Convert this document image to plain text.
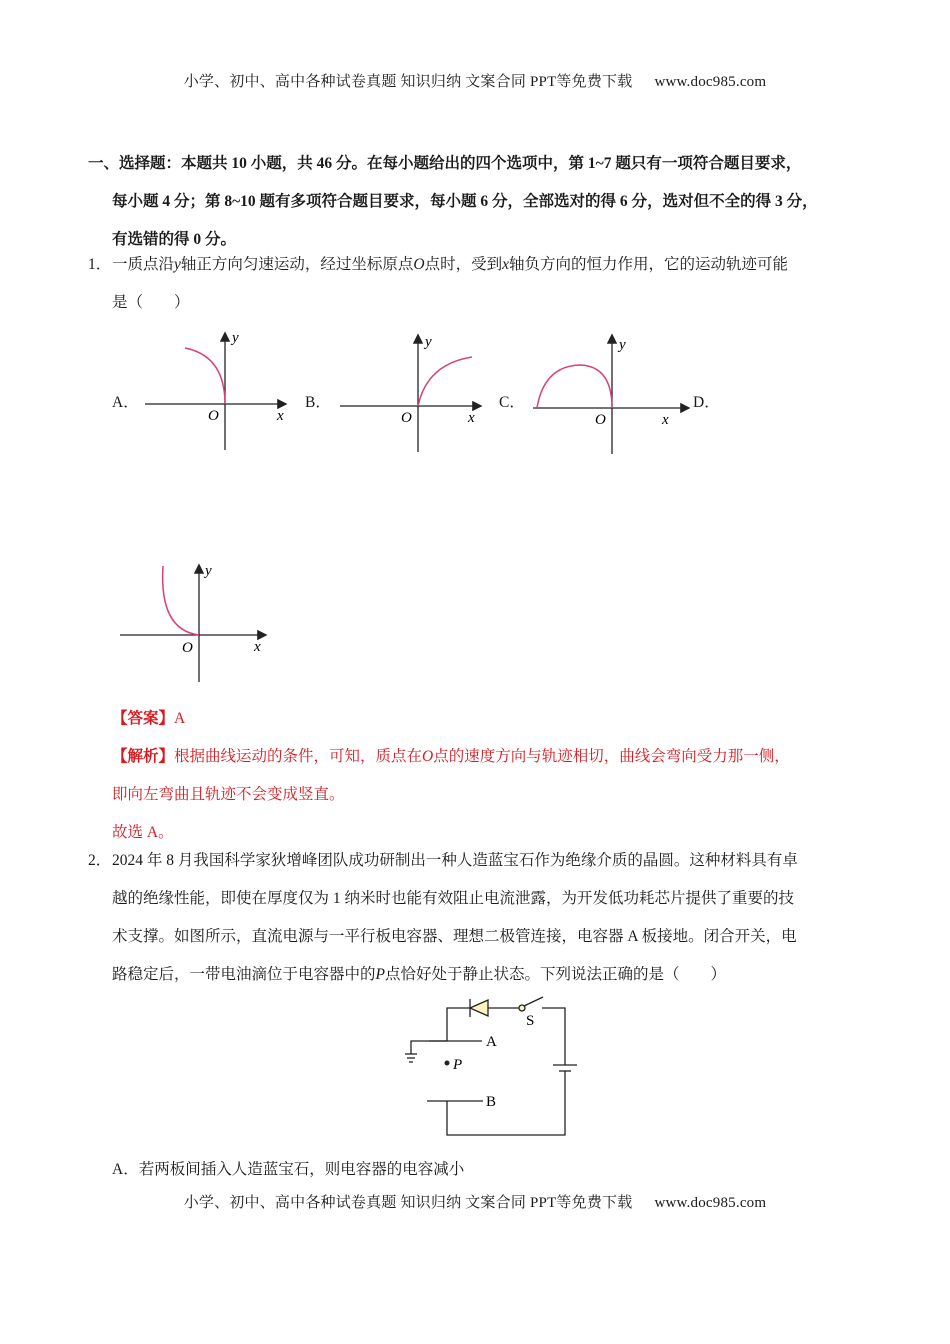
小学、初中、高中各种试卷真题 知识归纳 文案合同 PPT等免费下载 www.doc985.com
一、选择题：本题共 10 小题，共 46 分。在每小题给出的四个选项中，第 1~7 题只有一项符合题目要求，
每小题 4 分；第 8~10 题有多项符合题目要求，每小题 6 分，全部选对的得 6 分，选对但不全的得 3 分，
有选错的得 0 分。
1．一质点沿y轴正方向匀速运动，经过坐标原点O点时，受到x轴负方向的恒力作用，它的运动轨迹可能
是（　　）
A．	B．	C．	D．
y
x
O
y
x
O
y
x
O
y
x
O
【答案】A
【解析】根据曲线运动的条件，可知，质点在O点的速度方向与轨迹相切，曲线会弯向受力那一侧，
即向左弯曲且轨迹不会变成竖直。
故选 A。
2．2024 年 8 月我国科学家狄增峰团队成功研制出一种人造蓝宝石作为绝缘介质的晶圆。这种材料具有卓
越的绝缘性能，即使在厚度仅为 1 纳米时也能有效阻止电流泄露，为开发低功耗芯片提供了重要的技
术支撑。如图所示，直流电源与一平行板电容器、理想二极管连接，电容器 A 板接地。闭合开关，电
路稳定后，一带电油滴位于电容器中的P点恰好处于静止状态。下列说法正确的是（　　）
P
A
B
S
A．若两板间插入人造蓝宝石，则电容器的电容减小
小学、初中、高中各种试卷真题 知识归纳 文案合同 PPT等免费下载 www.doc985.com
